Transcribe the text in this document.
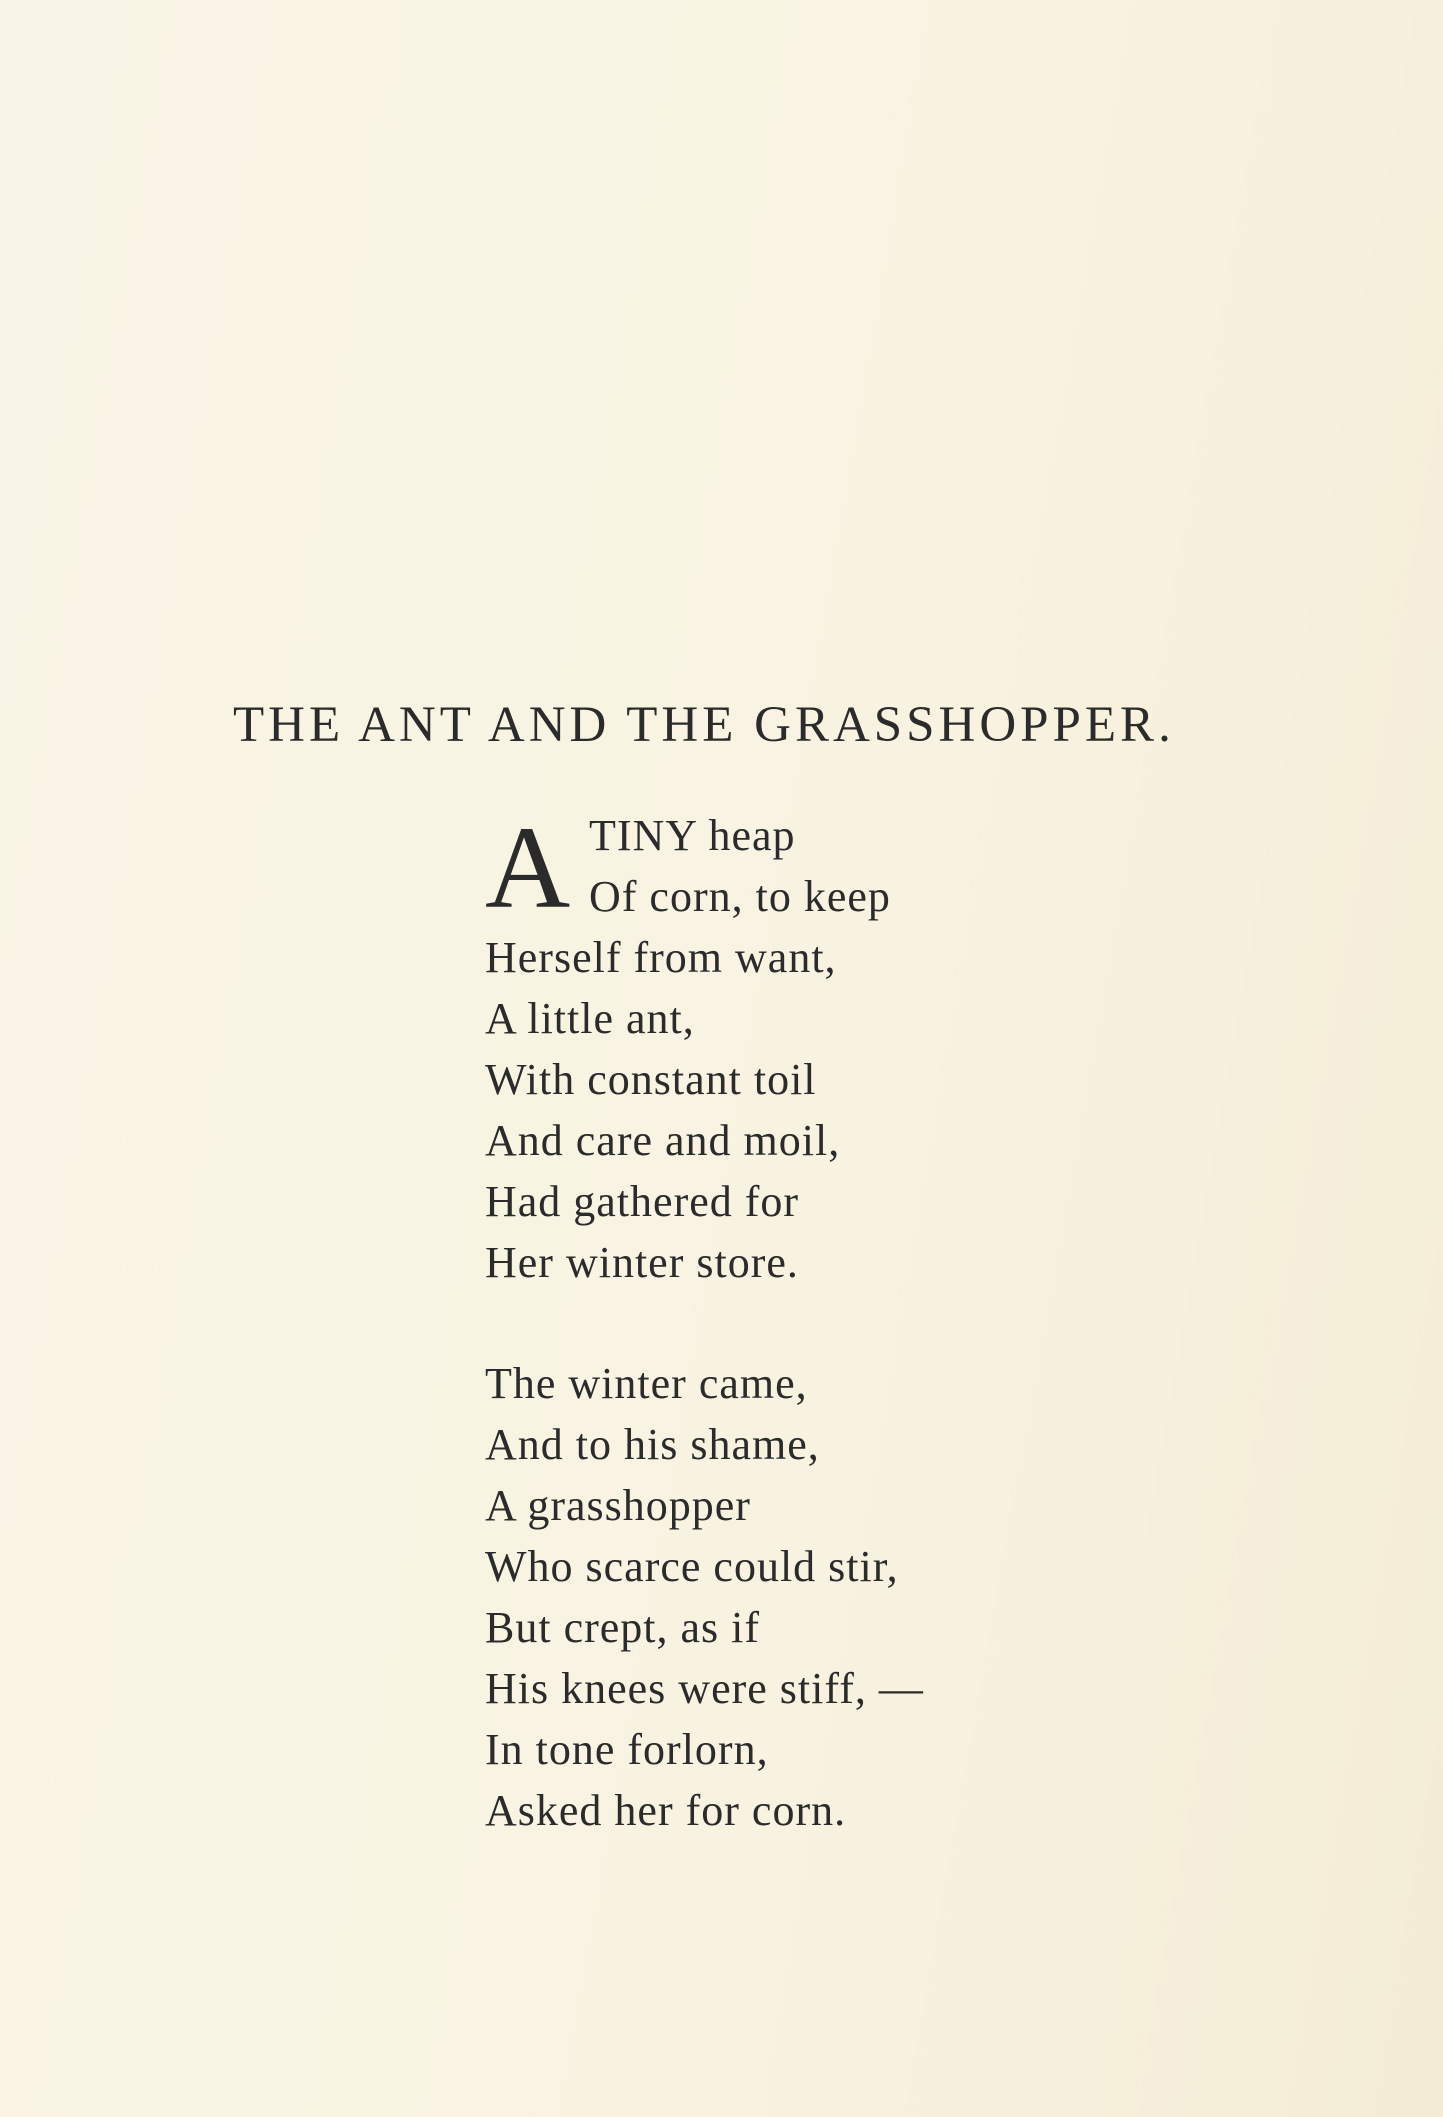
THE ANT AND THE GRASSHOPPER.
A TINY heap
Of corn, to keep
Herself from want,
A little ant,
With constant toil
And care and moil,
Had gathered for
Her winter store.
The winter came,
And to his shame,
A grasshopper
Who scarce could stir,
But crept, as if
His knees were stiff, —
In tone forlorn,
Asked her for corn.
